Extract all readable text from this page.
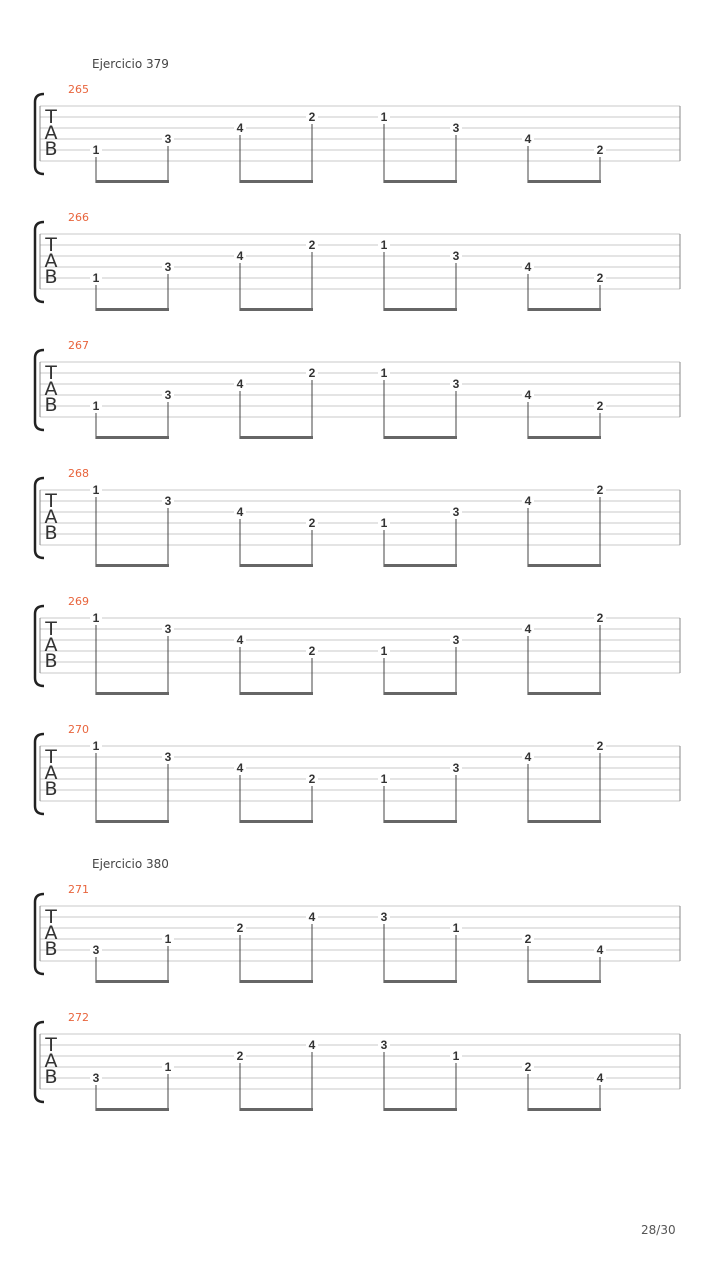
Ejercicio 379
265
T
A
B	1
3
4
2	1
3
4
2
266
T
A
B	1
3
4
2	1
3
4
2
267
T
A
B	1
3
4
2	1
3
4
2
268
T
A
B
1
3
4
2	1
3
4
2
269
T
A
B
1
3
4
2	1
3
4
2
270
T
A
B
1
3
4
2	1
3
4
2
Ejercicio 380
271
T
A
B	3
1
2
4	3
1
2
4
272
T
A
B	3
1
2
4	3
1
2
4
28/30
